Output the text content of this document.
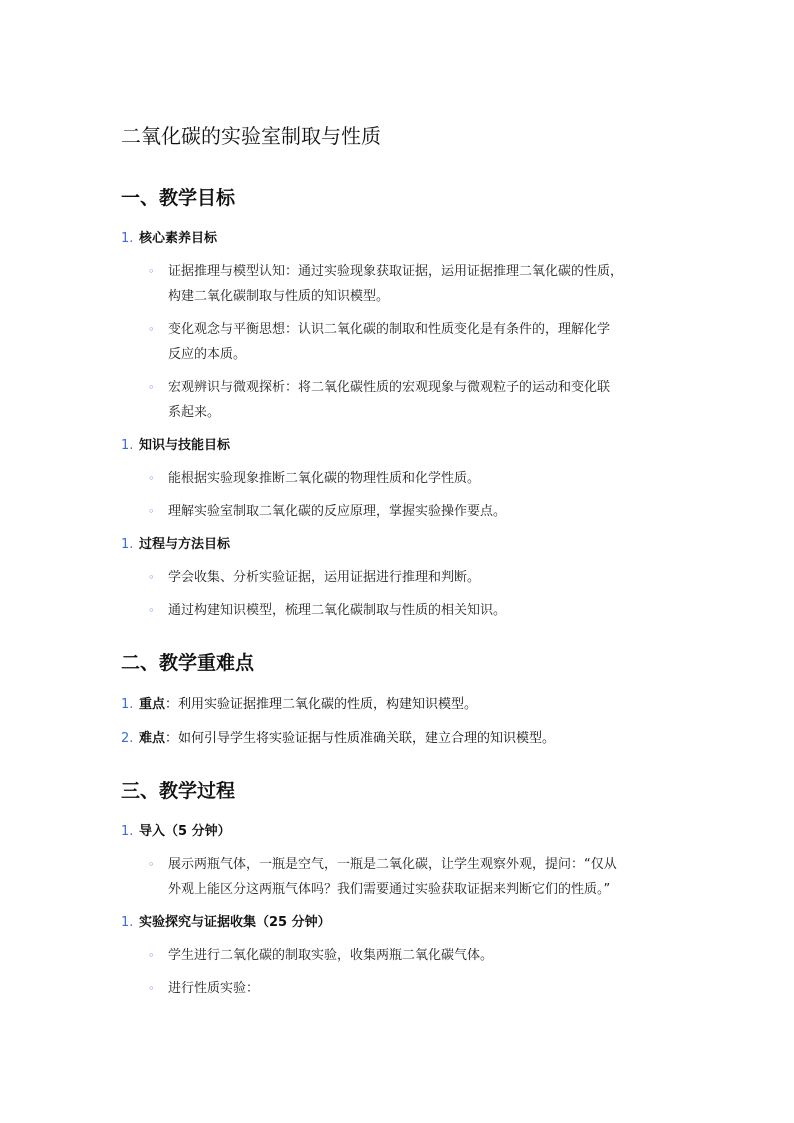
二氧化碳的实验室制取与性质
一、教学目标
1. 核心素养目标
◦ 证据推理与模型认知：通过实验现象获取证据，运用证据推理二氧化碳的性质，
构建二氧化碳制取与性质的知识模型。
◦ 变化观念与平衡思想：认识二氧化碳的制取和性质变化是有条件的，理解化学
反应的本质。
◦ 宏观辨识与微观探析：将二氧化碳性质的宏观现象与微观粒子的运动和变化联
系起来。
1. 知识与技能目标
◦ 能根据实验现象推断二氧化碳的物理性质和化学性质。
◦ 理解实验室制取二氧化碳的反应原理，掌握实验操作要点。
1. 过程与方法目标
◦ 学会收集、分析实验证据，运用证据进行推理和判断。
◦ 通过构建知识模型，梳理二氧化碳制取与性质的相关知识。
二、教学重难点
1. 重点：利用实验证据推理二氧化碳的性质，构建知识模型。
2. 难点：如何引导学生将实验证据与性质准确关联，建立合理的知识模型。
三、教学过程
1. 导入（5 分钟）
◦ 展示两瓶气体，一瓶是空气，一瓶是二氧化碳，让学生观察外观，提问：“仅从
外观上能区分这两瓶气体吗？我们需要通过实验获取证据来判断它们的性质。”
1. 实验探究与证据收集（25 分钟）
◦ 学生进行二氧化碳的制取实验，收集两瓶二氧化碳气体。
◦ 进行性质实验：
